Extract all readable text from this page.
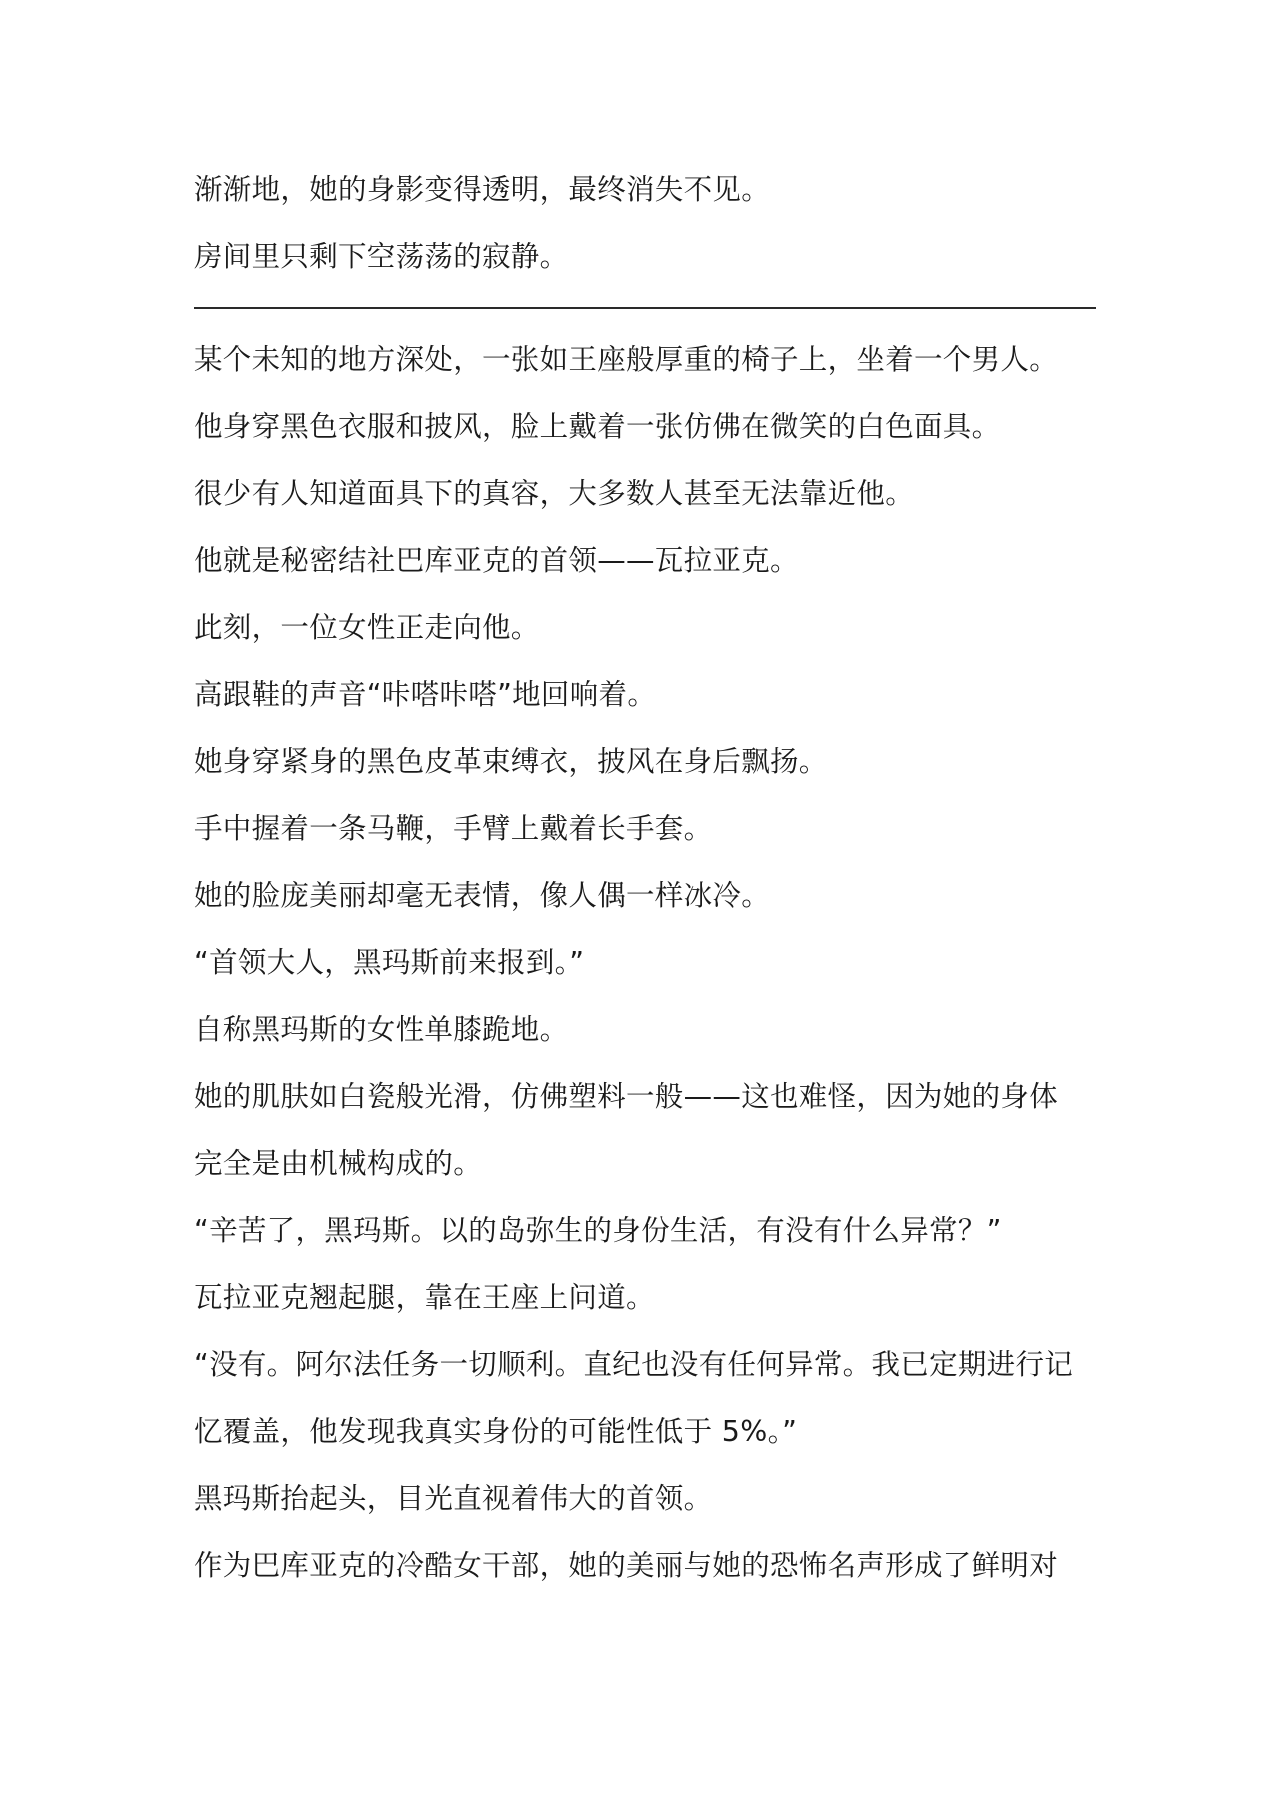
渐渐地，她的身影变得透明，最终消失不见。
房间里只剩下空荡荡的寂静。
某个未知的地方深处，一张如王座般厚重的椅子上，坐着一个男人。
他身穿黑色衣服和披风，脸上戴着一张仿佛在微笑的白色面具。
很少有人知道面具下的真容，大多数人甚至无法靠近他。
他就是秘密结社巴库亚克的首领——瓦拉亚克。
此刻，一位女性正走向他。
高跟鞋的声音“咔嗒咔嗒”地回响着。
她身穿紧身的黑色皮革束缚衣，披风在身后飘扬。
手中握着一条马鞭，手臂上戴着长手套。
她的脸庞美丽却毫无表情，像人偶一样冰冷。
“首领大人，黑玛斯前来报到。”
自称黑玛斯的女性单膝跪地。
她的肌肤如白瓷般光滑，仿佛塑料一般——这也难怪，因为她的身体
完全是由机械构成的。
“辛苦了，黑玛斯。以的岛弥生的身份生活，有没有什么异常？”
瓦拉亚克翘起腿，靠在王座上问道。
“没有。阿尔法任务一切顺利。直纪也没有任何异常。我已定期进行记
忆覆盖，他发现我真实身份的可能性低于 5%。”
黑玛斯抬起头，目光直视着伟大的首领。
作为巴库亚克的冷酷女干部，她的美丽与她的恐怖名声形成了鲜明对
